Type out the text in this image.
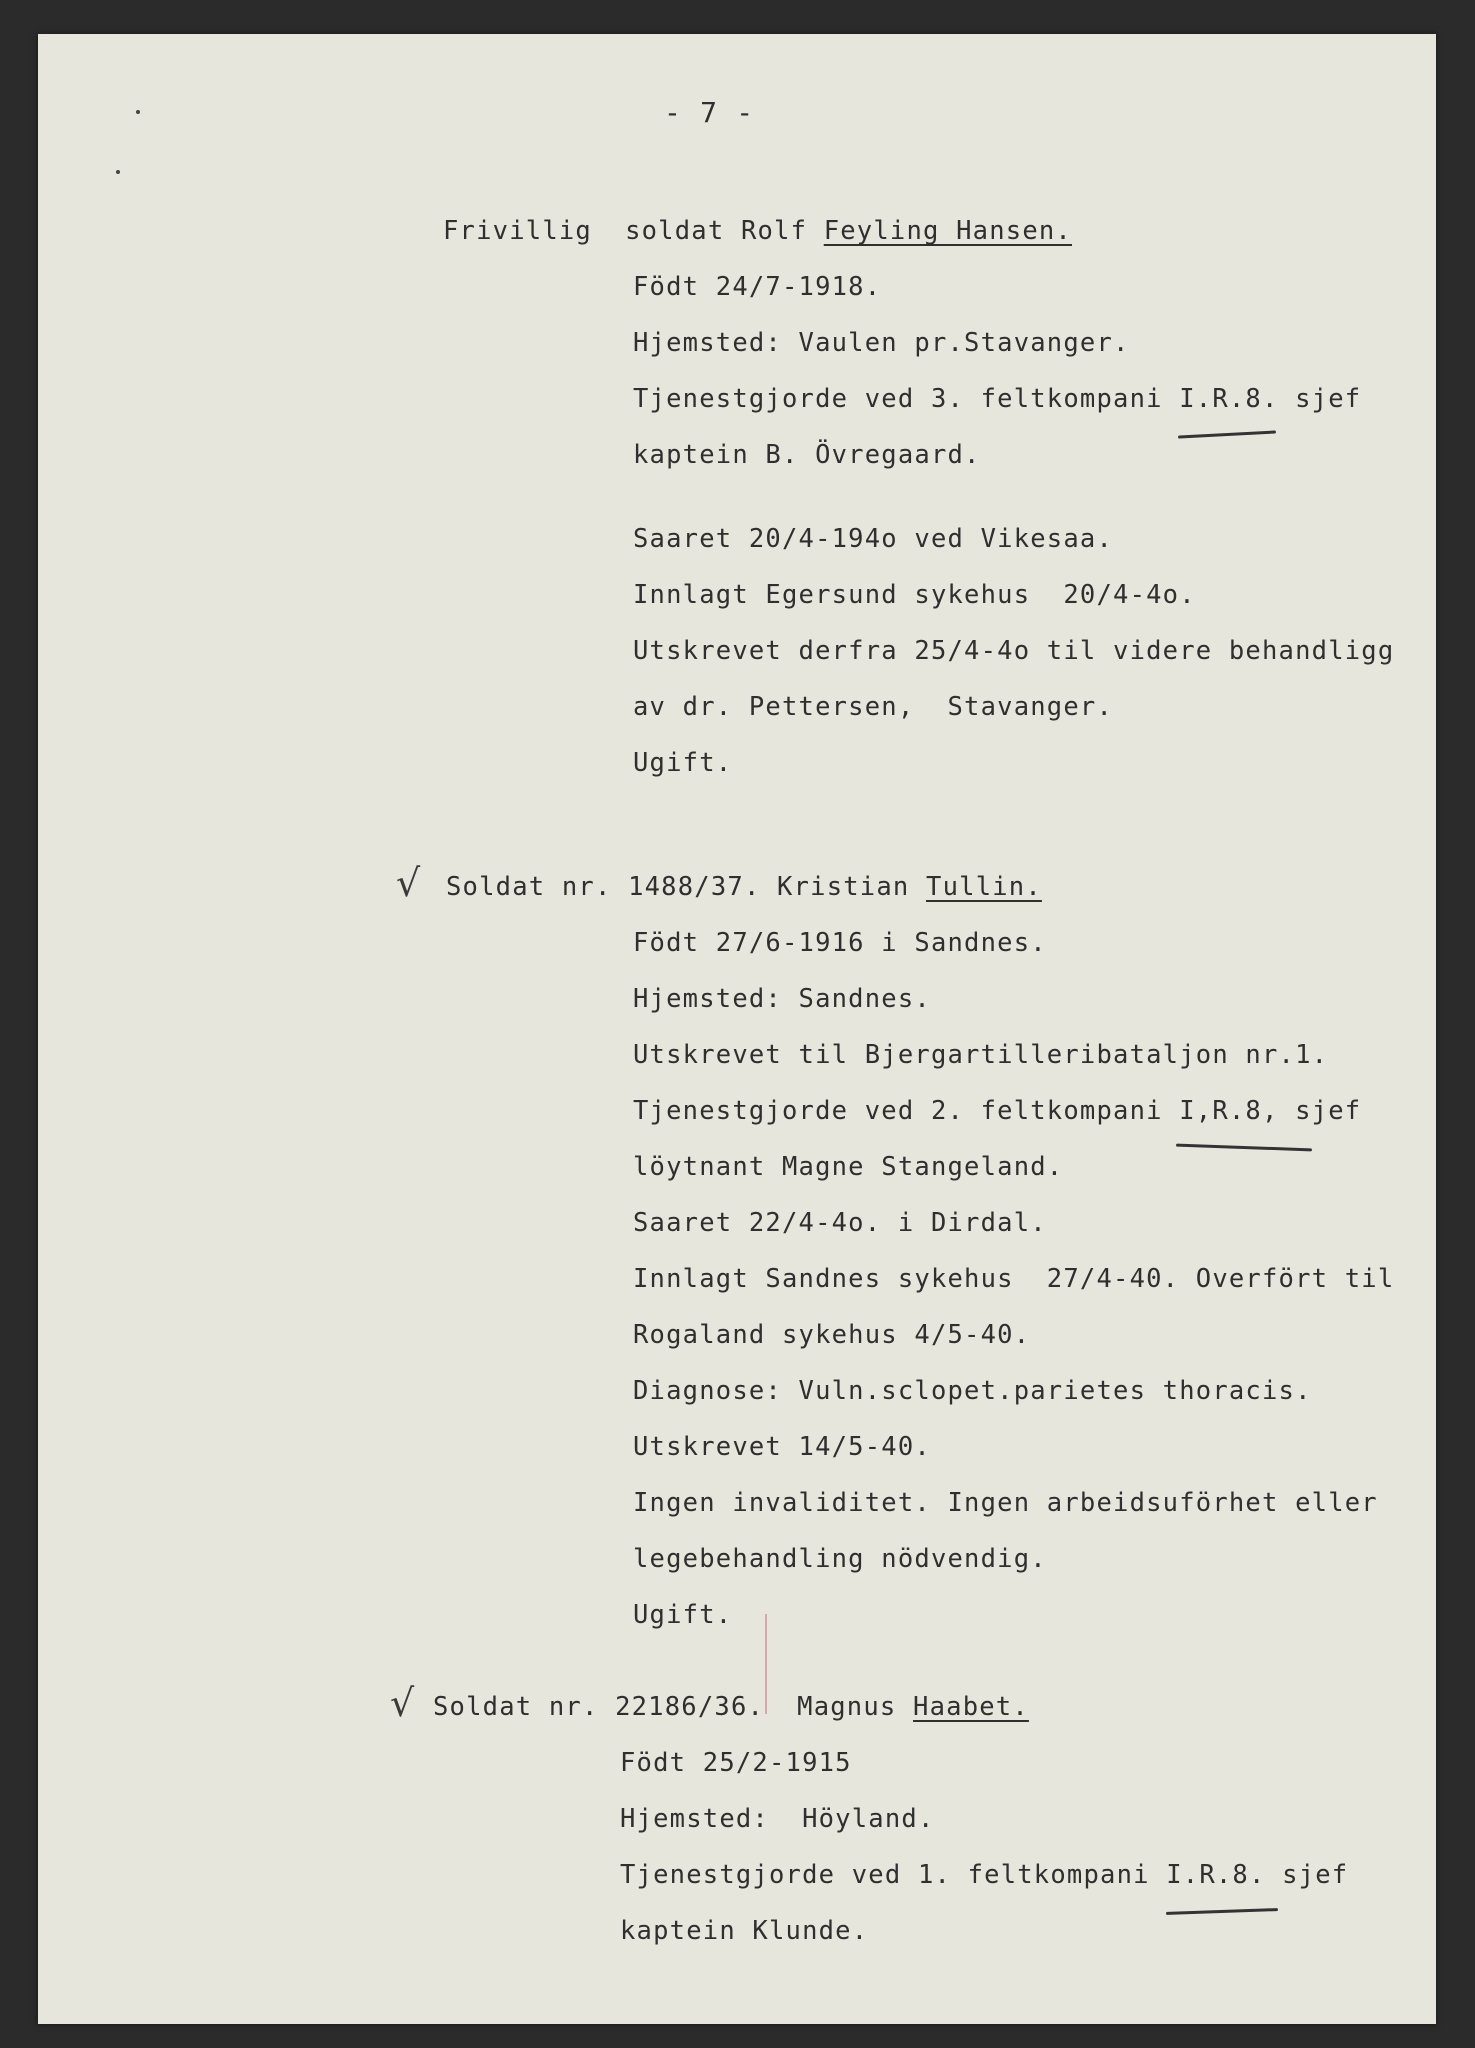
- 7 -
Frivillig  soldat Rolf Feyling Hansen.
Födt 24/7-1918.
Hjemsted: Vaulen pr.Stavanger.
Tjenestgjorde ved 3. feltkompani I.R.8. sjef
kaptein B. Övregaard.
Saaret 20/4-194o ved Vikesaa.
Innlagt Egersund sykehus  20/4-4o.
Utskrevet derfra 25/4-4o til videre behandligg
av dr. Pettersen,  Stavanger.
Ugift.
√ Soldat nr. 1488/37. Kristian Tullin.
Födt 27/6-1916 i Sandnes.
Hjemsted: Sandnes.
Utskrevet til Bjergartilleribataljon nr.1.
Tjenestgjorde ved 2. feltkompani I,R.8, sjef
löytnant Magne Stangeland.
Saaret 22/4-4o. i Dirdal.
Innlagt Sandnes sykehus  27/4-40. Overfört til
Rogaland sykehus 4/5-40.
Diagnose: Vuln.sclopet.parietes thoracis.
Utskrevet 14/5-40.
Ingen invaliditet. Ingen arbeidsuförhet eller
legebehandling nödvendig.
Ugift.
√ Soldat nr. 22186/36.  Magnus Haabet.
Födt 25/2-1915
Hjemsted:  Höyland.
Tjenestgjorde ved 1. feltkompani I.R.8. sjef
kaptein Klunde.
